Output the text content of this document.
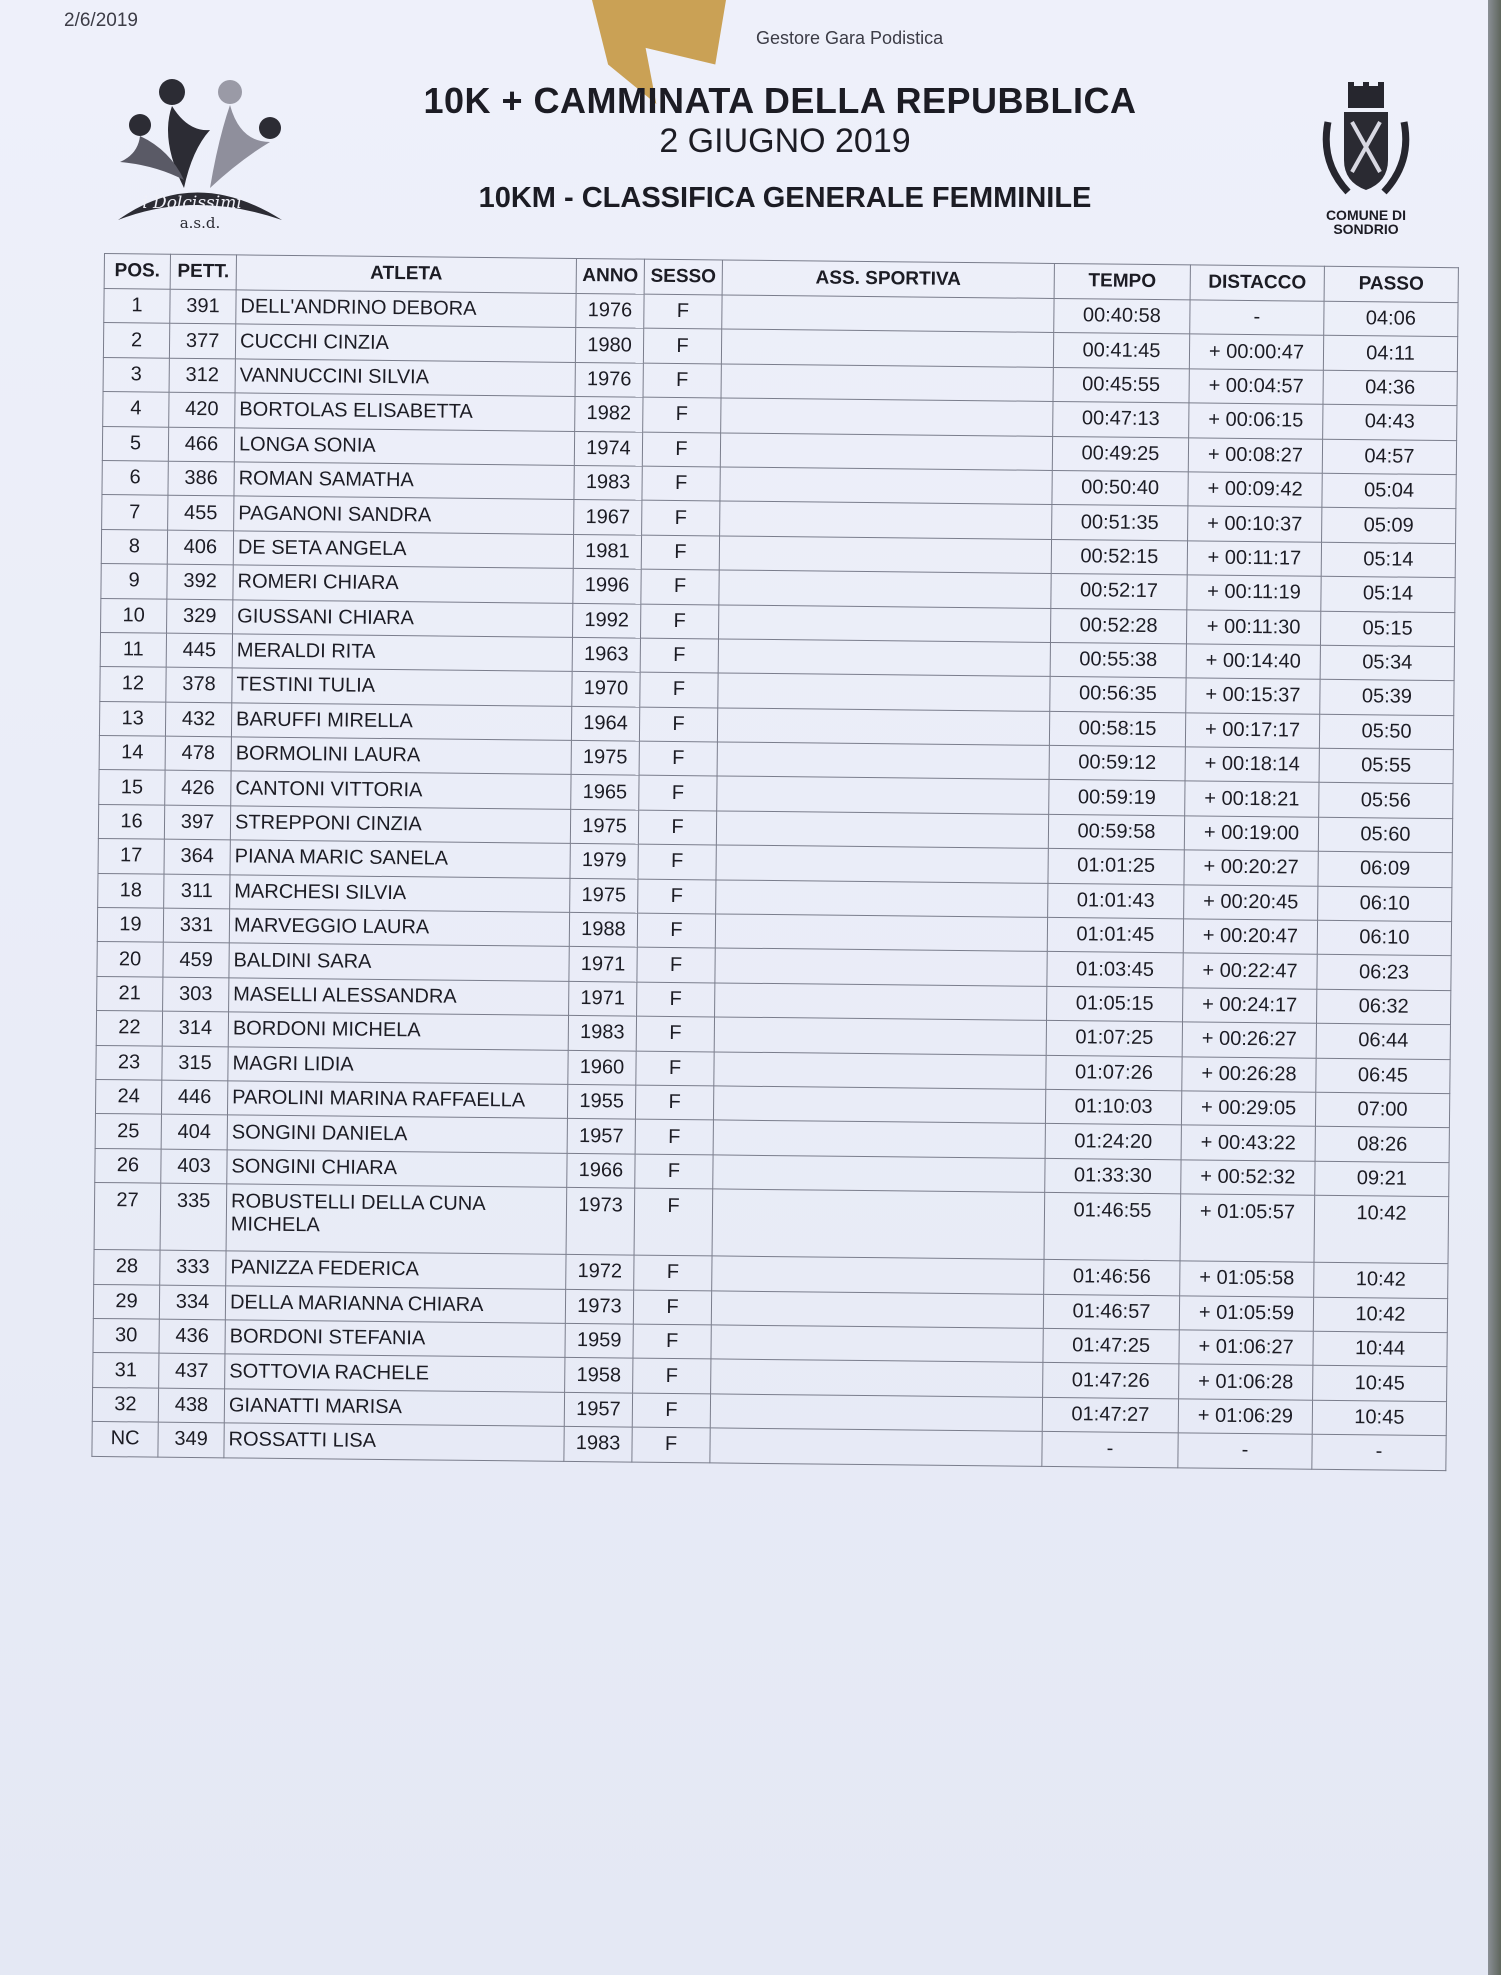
2/6/2019
Gestore Gara Podistica
i Dolcissimi
a.s.d.
10K + CAMMINATA DELLA REPUBBLICA
2 GIUGNO 2019
10KM - CLASSIFICA GENERALE FEMMINILE
COMUNE DI
SONDRIO
POS.	PETT.	ATLETA	ANNO	SESSO	ASS. SPORTIVA	TEMPO	DISTACCO	PASSO
1	391	DELL'ANDRINO DEBORA	1976	F		00:40:58	-	04:06
2	377	CUCCHI CINZIA	1980	F		00:41:45	+ 00:00:47	04:11
3	312	VANNUCCINI SILVIA	1976	F		00:45:55	+ 00:04:57	04:36
4	420	BORTOLAS ELISABETTA	1982	F		00:47:13	+ 00:06:15	04:43
5	466	LONGA SONIA	1974	F		00:49:25	+ 00:08:27	04:57
6	386	ROMAN SAMATHA	1983	F		00:50:40	+ 00:09:42	05:04
7	455	PAGANONI SANDRA	1967	F		00:51:35	+ 00:10:37	05:09
8	406	DE SETA ANGELA	1981	F		00:52:15	+ 00:11:17	05:14
9	392	ROMERI CHIARA	1996	F		00:52:17	+ 00:11:19	05:14
10	329	GIUSSANI CHIARA	1992	F		00:52:28	+ 00:11:30	05:15
11	445	MERALDI RITA	1963	F		00:55:38	+ 00:14:40	05:34
12	378	TESTINI TULIA	1970	F		00:56:35	+ 00:15:37	05:39
13	432	BARUFFI MIRELLA	1964	F		00:58:15	+ 00:17:17	05:50
14	478	BORMOLINI LAURA	1975	F		00:59:12	+ 00:18:14	05:55
15	426	CANTONI VITTORIA	1965	F		00:59:19	+ 00:18:21	05:56
16	397	STREPPONI CINZIA	1975	F		00:59:58	+ 00:19:00	05:60
17	364	PIANA MARIC SANELA	1979	F		01:01:25	+ 00:20:27	06:09
18	311	MARCHESI SILVIA	1975	F		01:01:43	+ 00:20:45	06:10
19	331	MARVEGGIO LAURA	1988	F		01:01:45	+ 00:20:47	06:10
20	459	BALDINI SARA	1971	F		01:03:45	+ 00:22:47	06:23
21	303	MASELLI ALESSANDRA	1971	F		01:05:15	+ 00:24:17	06:32
22	314	BORDONI MICHELA	1983	F		01:07:25	+ 00:26:27	06:44
23	315	MAGRI LIDIA	1960	F		01:07:26	+ 00:26:28	06:45
24	446	PAROLINI MARINA RAFFAELLA	1955	F		01:10:03	+ 00:29:05	07:00
25	404	SONGINI DANIELA	1957	F		01:24:20	+ 00:43:22	08:26
26	403	SONGINI CHIARA	1966	F		01:33:30	+ 00:52:32	09:21
27	335	ROBUSTELLI DELLA CUNA MICHELA	1973	F		01:46:55	+ 01:05:57	10:42
28	333	PANIZZA FEDERICA	1972	F		01:46:56	+ 01:05:58	10:42
29	334	DELLA MARIANNA CHIARA	1973	F		01:46:57	+ 01:05:59	10:42
30	436	BORDONI STEFANIA	1959	F		01:47:25	+ 01:06:27	10:44
31	437	SOTTOVIA RACHELE	1958	F		01:47:26	+ 01:06:28	10:45
32	438	GIANATTI MARISA	1957	F		01:47:27	+ 01:06:29	10:45
NC	349	ROSSATTI LISA	1983	F		-	-	-
